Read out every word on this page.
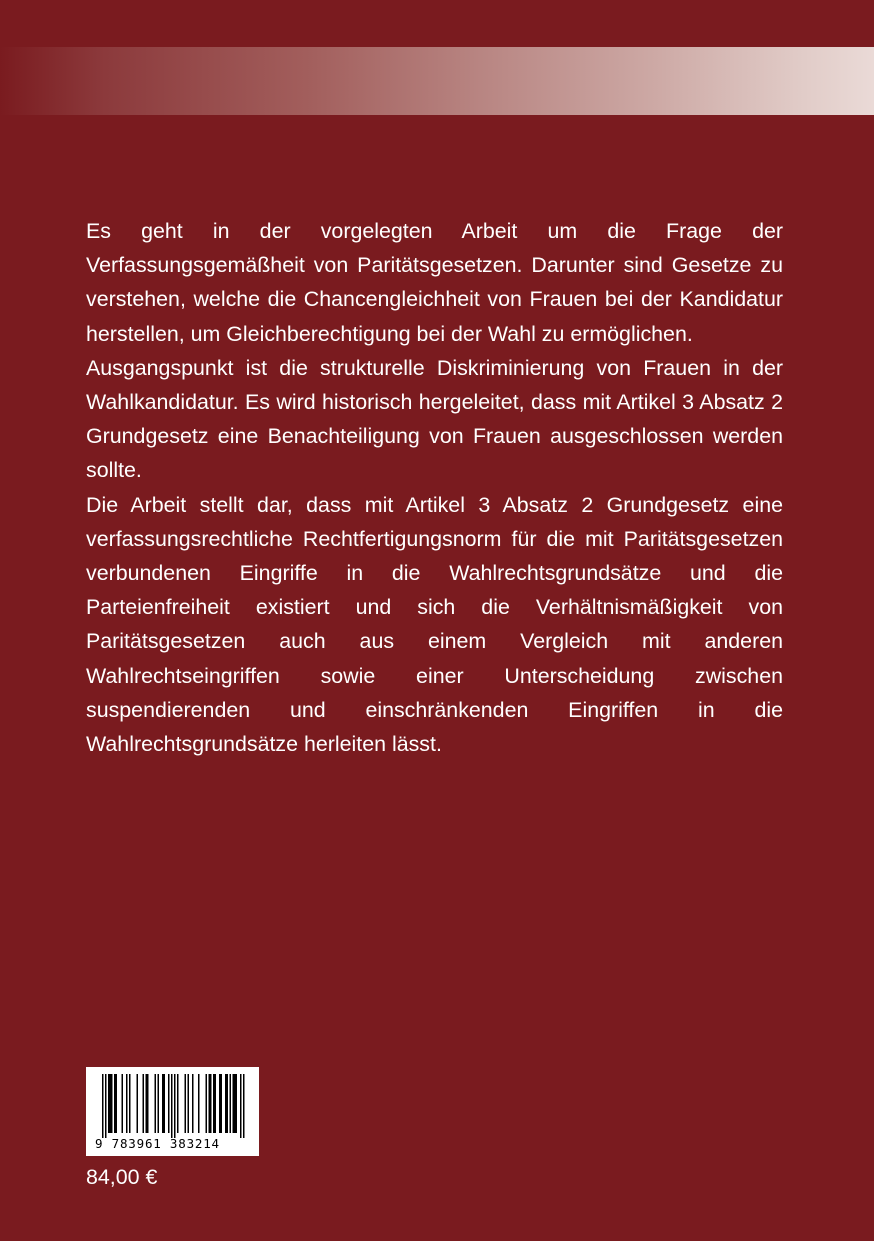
Es geht in der vorgelegten Arbeit um die Frage der Verfassungsgemäßheit von Paritätsgesetzen. Darunter sind Gesetze zu verstehen, welche die Chancengleichheit von Frauen bei der Kandidatur herstellen, um Gleichberechtigung bei der Wahl zu ermöglichen.

Ausgangspunkt ist die strukturelle Diskriminierung von Frauen in der Wahlkandidatur. Es wird historisch hergeleitet, dass mit Artikel 3 Absatz 2 Grundgesetz eine Benachteiligung von Frauen ausgeschlossen werden sollte.

Die Arbeit stellt dar, dass mit Artikel 3 Absatz 2 Grundgesetz eine verfassungsrechtliche Rechtfertigungsnorm für die mit Paritätsgesetzen verbundenen Eingriffe in die Wahlrechtsgrundsätze und die Parteienfreiheit existiert und sich die Verhältnismäßigkeit von Paritätsgesetzen auch aus einem Vergleich mit anderen Wahlrechtseingriffen sowie einer Unterscheidung zwischen suspendierenden und einschränkenden Eingriffen in die Wahlrechtsgrundsätze herleiten lässt.

9 783961 383214
84,00 €
